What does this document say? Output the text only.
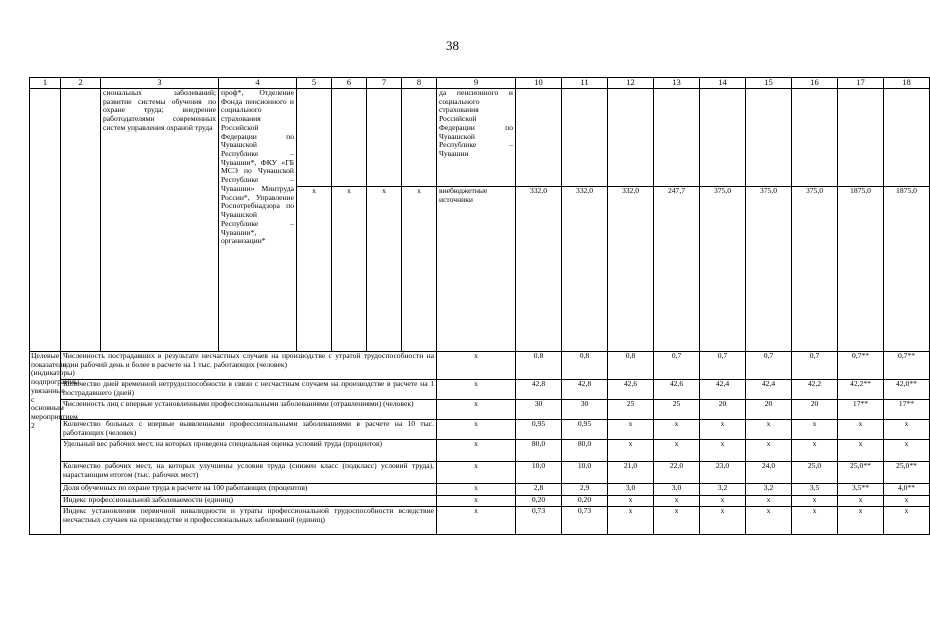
38
1	2	3	4	5	6	7	8	9	10	11	12	13	14	15	16	17	18
		сиональных заболеваний; развитие системы обучения по охране труда; внедрение работодателями современных систем управления охраной труда	проф*, Отделение Фонда пенсионного и социального страхования Российской Федерации по Чувашской Республике – Чувашии*, ФКУ «ГБ МСЭ по Чувашской Республике – Чувашии» Минтруда России*, Управление Роспотребнадзора по Чувашской Республике – Чувашии*, организации*					да пенсионного и социального страхования Российской Федерации по Чувашской Республике – Чувашии									
				x	x	x	x	внебюджетные источники	332,0	332,0	332,0	247,7	375,0	375,0	375,0	1875,0	1875,0
Целевые показатели (индикаторы) подпрограммы, увязанные с основным мероприятием 2	Численность пострадавших в результате несчастных случаев на производстве с утратой трудоспособности на один рабочий день и более в расчете на 1 тыс. работающих (человек)							x	0,8	0,8	0,8	0,7	0,7	0,7	0,7	0,7**	0,7**
	Количество дней временной нетрудоспособности в связи с несчастным случаем на производстве в расчете на 1 пострадавшего (дней)							x	42,8	42,8	42,6	42,6	42,4	42,4	42,2	42,2**	42,0**
	Численность лиц с впервые установленными профессиональными заболеваниями (отравлениями) (человек)							x	30	30	25	25	20	20	20	17**	17**
	Количество больных с впервые выявленными профессиональными заболеваниями в расчете на 10 тыс. работающих (человек)							x	0,95	0,95	x	x	x	x	x	x	x
	Удельный вес рабочих мест, на которых проведена специальная оценка условий труда (процентов)							x	80,0	80,0	x	x	x	x	x	x	x
	Количество рабочих мест, на которых улучшены условия труда (снижен класс (подкласс) условий труда), нарастающим итогом (тыс. рабочих мест)							x	10,0	10,0	21,0	22,0	23,0	24,0	25,0	25,0**	25,0**
	Доля обученных по охране труда в расчете на 100 работающих (процентов)							x	2,8	2,9	3,0	3,0	3,2	3,2	3,5	3,5**	4,0**
	Индекс профессиональной заболеваемости (единиц)							x	0,20	0,20	x	x	x	x	x	x	x
	Индекс установления первичной инвалидности и утраты профессиональной трудоспособности вследствие несчастных случаев на производстве и профессиональных заболеваний (единиц)							x	0,73	0,73	x	x	x	x	x	x	x
